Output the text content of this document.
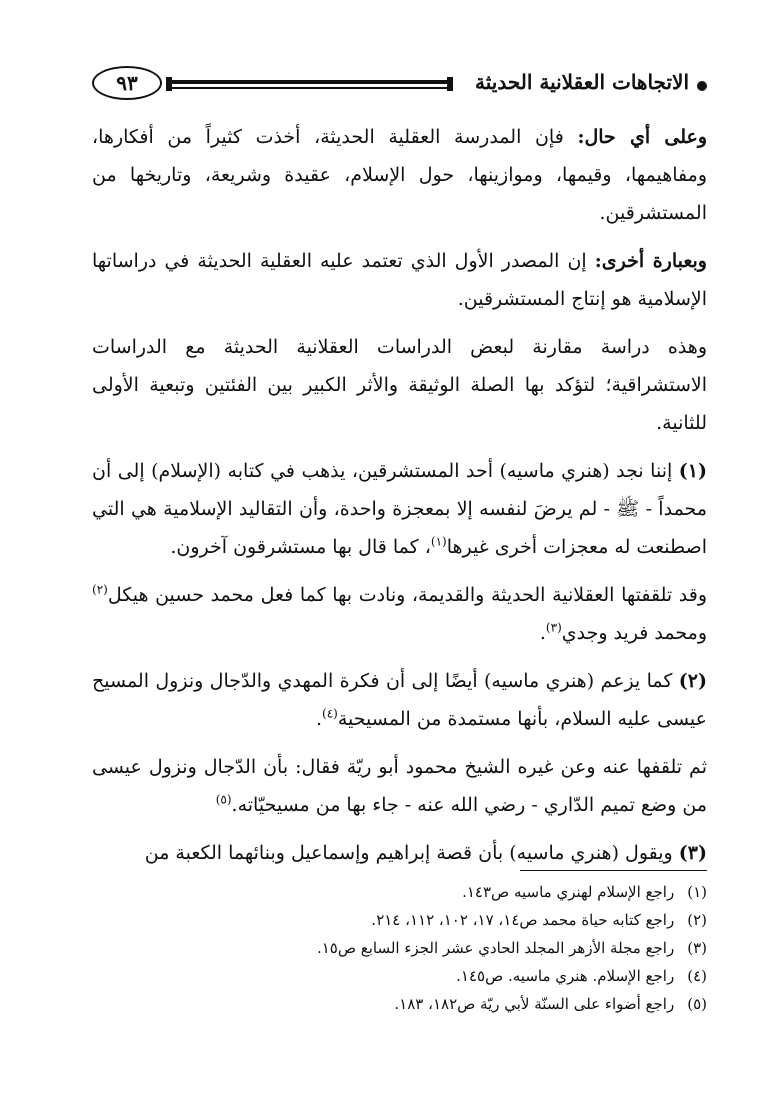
الاتجاهات العقلانية الحديثة
٩٣

وعلى أي حال: فإن المدرسة العقلية الحديثة، أخذت كثيراً من أفكارها، ومفاهيمها، وقيمها، وموازينها، حول الإسلام، عقيدة وشريعة، وتاريخها من المستشرقين.

وبعبارة أخرى: إن المصدر الأول الذي تعتمد عليه العقلية الحديثة في دراساتها الإسلامية هو إنتاج المستشرقين.

وهذه دراسة مقارنة لبعض الدراسات العقلانية الحديثة مع الدراسات الاستشراقية؛ لتؤكد بها الصلة الوثيقة والأثر الكبير بين الفئتين وتبعية الأولى للثانية.

(١) إننا نجد (هنري ماسيه) أحد المستشرقين، يذهب في كتابه (الإسلام) إلى أن محمداً - ﷺ - لم يرضَ لنفسه إلا بمعجزة واحدة، وأن التقاليد الإسلامية هي التي اصطنعت له معجزات أخرى غيرها$^{(١)}$، كما قال بها مستشرقون آخرون.

وقد تلقفتها العقلانية الحديثة والقديمة، ونادت بها كما فعل محمد حسين هيكل$^{(٢)}$ ومحمد فريد وجدي$^{(٣)}$.

(٢) كما يزعم (هنري ماسيه) أيضًا إلى أن فكرة المهدي والدّجال ونزول المسيح عيسى عليه السلام، بأنها مستمدة من المسيحية$^{(٤)}$.

ثم تلقفها عنه وعن غيره الشيخ محمود أبو ريّة فقال: بأن الدّجال ونزول عيسى من وضع تميم الدّاري - رضي الله عنه - جاء بها من مسيحيّاته.$^{(٥)}$

(٣) ويقول (هنري ماسيه) بأن قصة إبراهيم وإسماعيل وبنائهما الكعبة من

(١) راجع الإسلام لهنري ماسيه ص١٤٣.
(٢) راجع كتابه حياة محمد ص١٤، ١٧، ١٠٢، ١١٢، ٢١٤.
(٣) راجع مجلة الأزهر المجلد الحادي عشر الجزء السابع ص١٥.
(٤) راجع الإسلام. هنري ماسيه. ص١٤٥.
(٥) راجع أضواء على السنّة لأبي ريّة ص١٨٢، ١٨٣.
